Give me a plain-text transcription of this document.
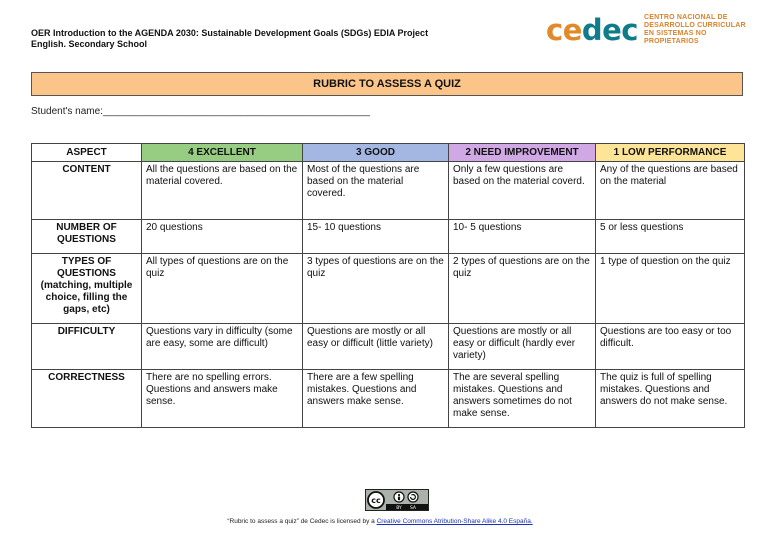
OER Introduction to the AGENDA 2030: Sustainable Development Goals (SDGs) EDIA Project
English. Secondary School	cedec CENTRO NACIONAL DE
DESARROLLO CURRICULAR
EN SISTEMAS NO PROPIETARIOS
RUBRIC TO ASSESS A QUIZ
Student's name:________________________________________________
ASPECT	4 EXCELLENT	3 GOOD	2 NEED IMPROVEMENT	1 LOW PERFORMANCE
CONTENT	All the questions are based on the material covered.	Most of the questions are based on the material covered.	Only a few questions are based on the material coverd.	Any of the questions are based on the material
NUMBER OF QUESTIONS	20 questions	15- 10 questions	10- 5 questions	5 or less questions
TYPES OF QUESTIONS (matching, multiple choice, filling the gaps, etc)	All types of questions are on the quiz	3 types of questions are on the quiz	2 types of questions are on the quiz	1 type of question on the quiz
DIFFICULTY	Questions vary in difficulty (some are easy, some are difficult)	Questions are mostly or all easy or difficult (little variety)	Questions are mostly or all easy or difficult (hardly ever variety)	Questions are too easy or too difficult.
CORRECTNESS	There are no spelling errors. Questions and answers make sense.	There are a few spelling mistakes. Questions and answers make sense.	The are several spelling mistakes. Questions and answers sometimes do not make sense.	The quiz is full of spelling mistakes. Questions and answers do not make sense.
cc
BY SA
“Rubric to assess a quiz” de Cedec is licensed by a Creative Commons Atribution-Share Alike 4.0 España.
